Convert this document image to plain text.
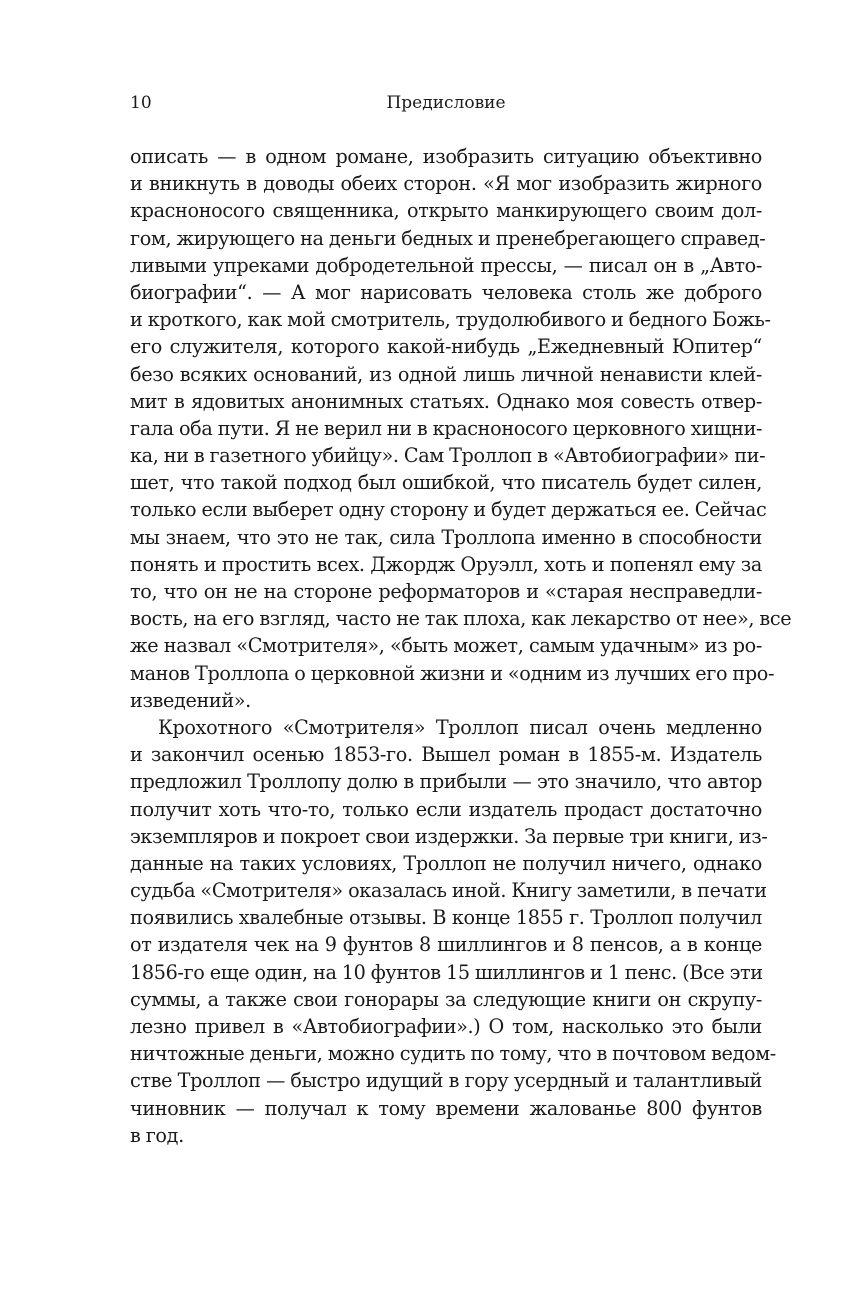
10	Предисловие
описать — в одном романе, изобразить ситуацию объективно
и вникнуть в доводы обеих сторон. «Я мог изобразить жирного
красноносого священника, открыто манкирующего своим дол-
гом, жирующего на деньги бедных и пренебрегающего справед-
ливыми упреками добродетельной прессы, — писал он в „Авто-
биографии“. — А мог нарисовать человека столь же доброго
и кроткого, как мой смотритель, трудолюбивого и бедного Божь-
его служителя, которого какой-нибудь „Ежедневный Юпитер“
безо всяких оснований, из одной лишь личной ненависти клей-
мит в ядовитых анонимных статьях. Однако моя совесть отвер-
гала оба пути. Я не верил ни в красноносого церковного хищни-
ка, ни в газетного убийцу». Сам Троллоп в «Автобиографии» пи-
шет, что такой подход был ошибкой, что писатель будет силен,
только если выберет одну сторону и будет держаться ее. Сейчас
мы знаем, что это не так, сила Троллопа именно в способности
понять и простить всех. Джордж Оруэлл, хоть и попенял ему за
то, что он не на стороне реформаторов и «старая несправедли-
вость, на его взгляд, часто не так плоха, как лекарство от нее», все
же назвал «Смотрителя», «быть может, самым удачным» из ро-
манов Троллопа о церковной жизни и «одним из лучших его про-
изведений».
Крохотного «Смотрителя» Троллоп писал очень медленно
и закончил осенью 1853-го. Вышел роман в 1855-м. Издатель
предложил Троллопу долю в прибыли — это значило, что автор
получит хоть что-то, только если издатель продаст достаточно
экземпляров и покроет свои издержки. За первые три книги, из-
данные на таких условиях, Троллоп не получил ничего, однако
судьба «Смотрителя» оказалась иной. Книгу заметили, в печати
появились хвалебные отзывы. В конце 1855 г. Троллоп получил
от издателя чек на 9 фунтов 8 шиллингов и 8 пенсов, а в конце
1856-го еще один, на 10 фунтов 15 шиллингов и 1 пенс. (Все эти
суммы, а также свои гонорары за следующие книги он скрупу-
лезно привел в «Автобиографии».) О том, насколько это были
ничтожные деньги, можно судить по тому, что в почтовом ведом-
стве Троллоп — быстро идущий в гору усердный и талантливый
чиновник — получал к тому времени жалованье 800 фунтов
в год.
